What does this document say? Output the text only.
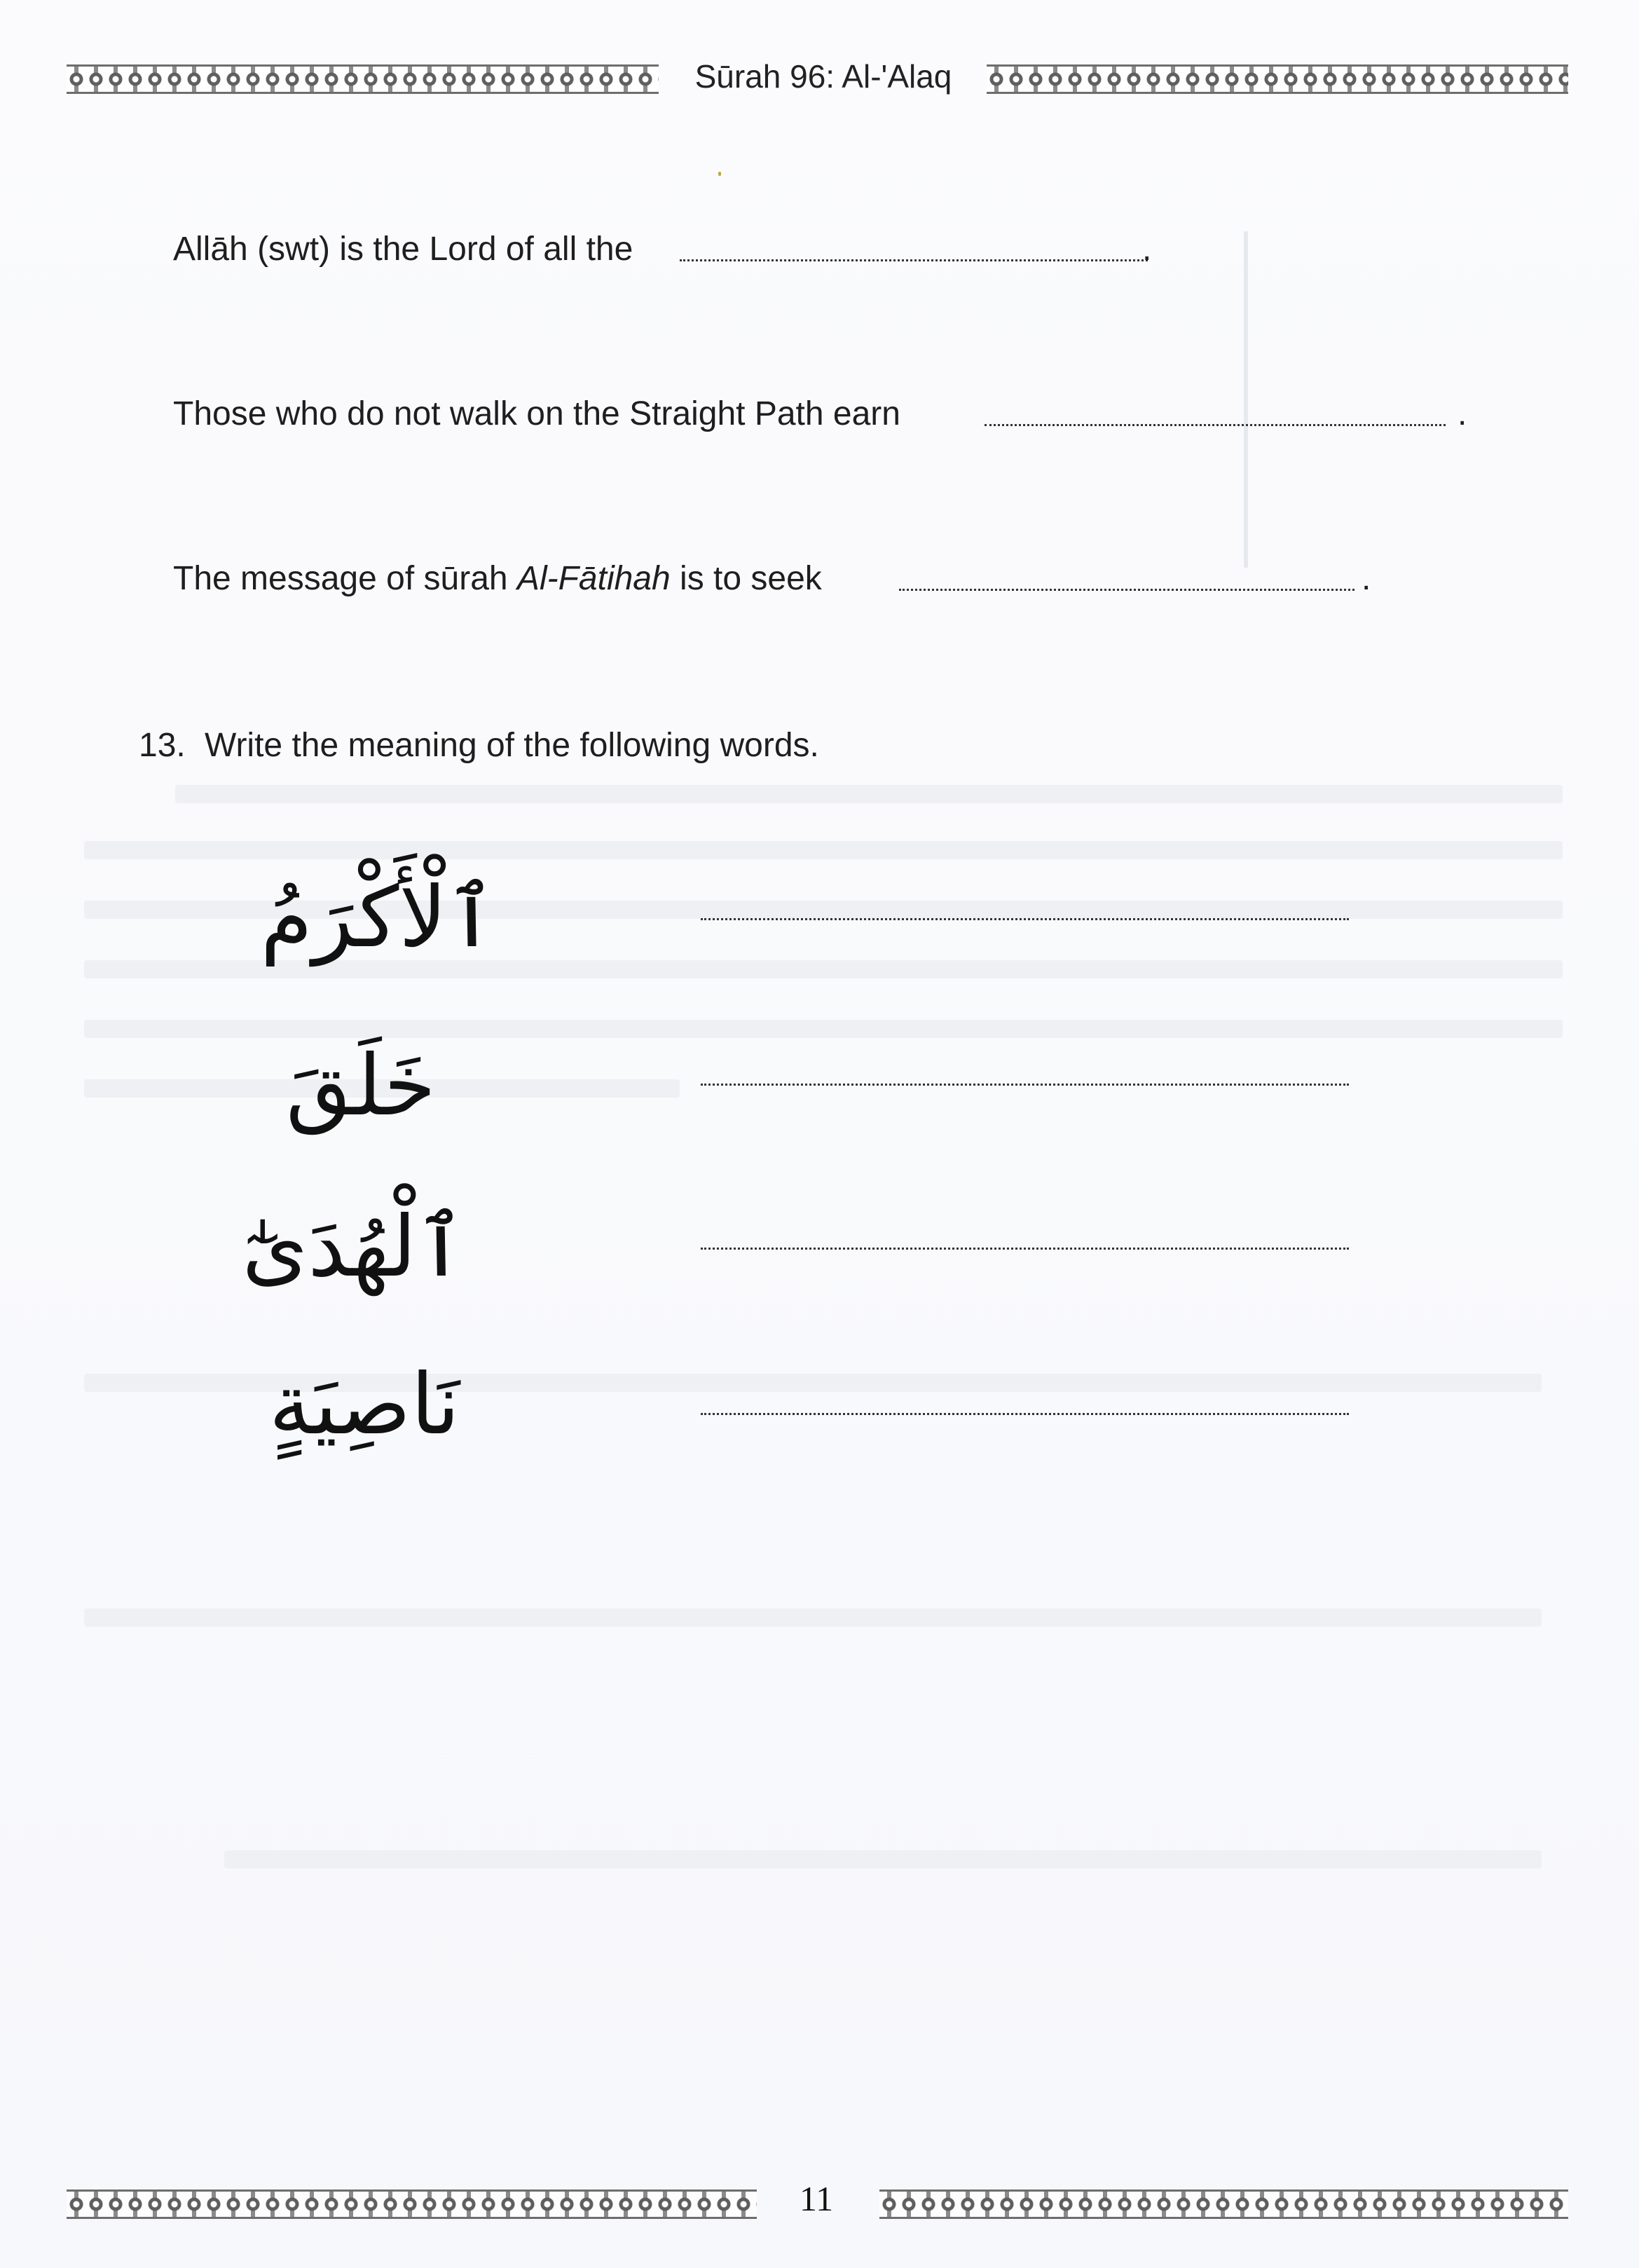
Sūrah 96: Al-'Alaq
Allāh (swt) is the Lord of all the	.
Those who do not walk on the Straight Path earn	.
The message of sūrah Al-Fātihah is to seek	.
13. Write the meaning of the following words.
ٱلْأَكْرَمُ
خَلَقَ
ٱلْهُدَىٰٓ
نَاصِيَةٍ
11
